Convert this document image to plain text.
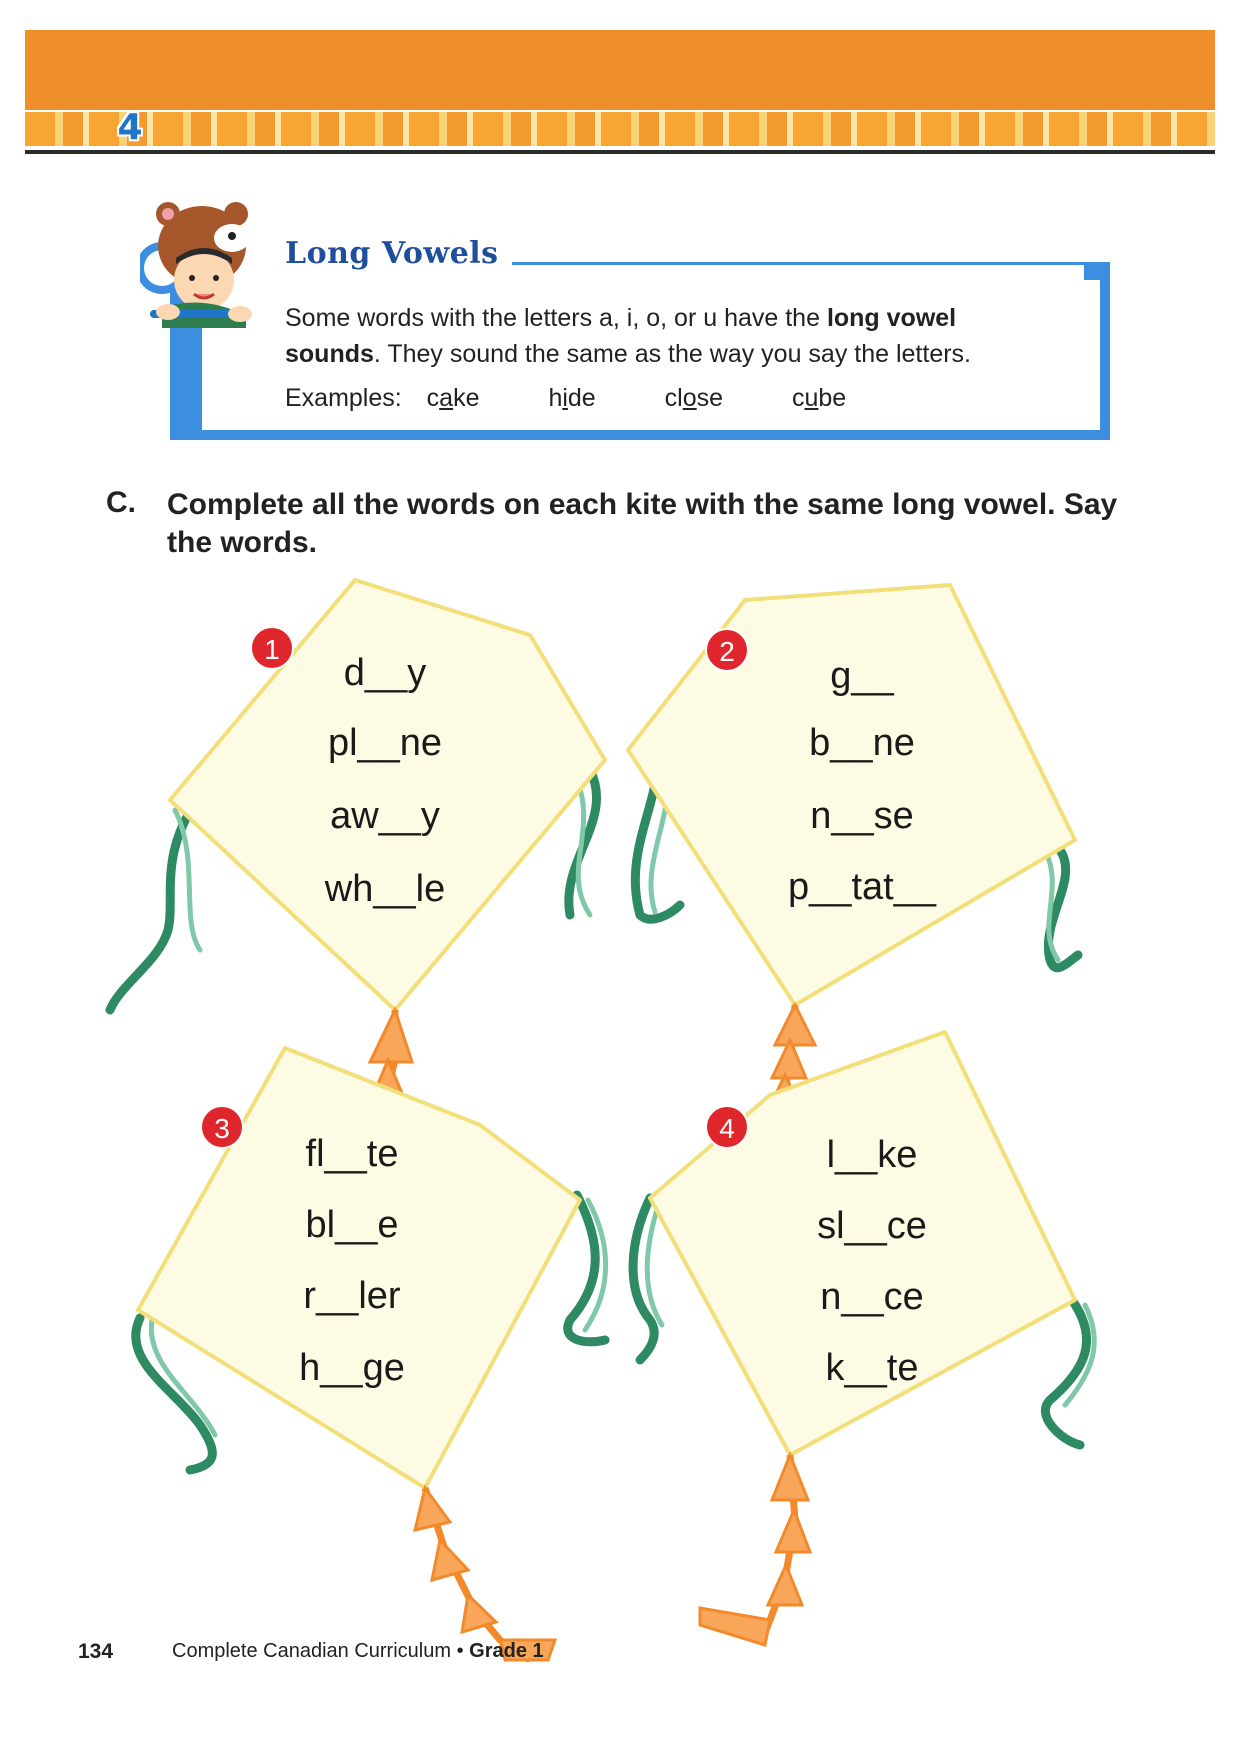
4
Long Vowels
Some words with the letters a, i, o, or u have the long vowel sounds. They sound the same as the way you say the letters.
Examples: cake	hide	close	cube
C. Complete all the words on each kite with the same long vowel. Say the words.
1	2
3	4
d__y
pl__ne
aw__y
wh__le
g__
b__ne
n__se
p__tat__
fl__te
bl__e
r__ler
h__ge
l__ke
sl__ce
n__ce
k__te
134	Complete Canadian Curriculum • Grade 1
